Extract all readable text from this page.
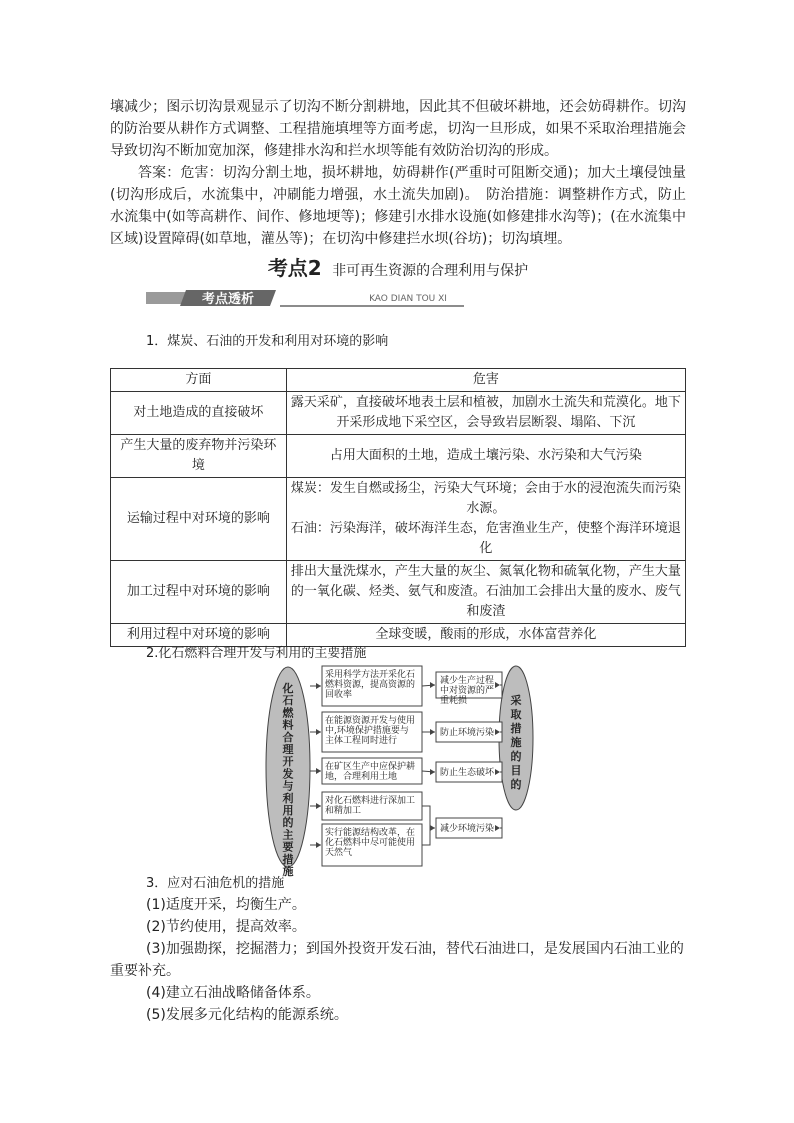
壤减少；图示切沟景观显示了切沟不断分割耕地，因此其不但破坏耕地，还会妨碍耕作。切沟的防治要从耕作方式调整、工程措施填埋等方面考虑，切沟一旦形成，如果不采取治理措施会导致切沟不断加宽加深，修建排水沟和拦水坝等能有效防治切沟的形成。

答案：危害：切沟分割土地，损坏耕地，妨碍耕作(严重时可阻断交通)；加大土壤侵蚀量(切沟形成后，水流集中，冲刷能力增强，水土流失加剧)。　防治措施：调整耕作方式，防止水流集中(如等高耕作、间作、修地埂等)；修建引水排水设施(如修建排水沟等)；(在水流集中区域)设置障碍(如草地，灌丛等)；在切沟中修建拦水坝(谷坊)；切沟填埋。

考点2 非可再生资源的合理利用与保护
考点透析	KAO DIAN TOU XI
1．煤炭、石油的开发和利用对环境的影响
方面	危害
对土地造成的直接破坏	露天采矿，直接破坏地表土层和植被，加剧水土流失和荒漠化。地下开采形成地下采空区，会导致岩层断裂、塌陷、下沉

产生大量的废弃物并污染环境	占用大面积的土地，造成土壤污染、水污染和大气污染

运输过程中对环境的影响	煤炭：发生自燃或扬尘，污染大气环境；会由于水的浸泡流失而污染水源。
石油：污染海洋，破坏海洋生态，危害渔业生产，使整个海洋环境退化

加工过程中对环境的影响	排出大量洗煤水，产生大量的灰尘、氮氧化物和硫氧化物，产生大量的一氧化碳、烃类、氨气和废渣。石油加工会排出大量的废水、废气和废渣

利用过程中对环境的影响	全球变暖，酸雨的形成，水体富营养化
2.化石燃料合理开发与利用的主要措施
化
石
燃
料
合
理
开
发
与
利
用
的
主
要
措
施
采
取
措
施
的
目
的
采用科学方法开采化石
燃料资源，提高资源的
回收率
在能源资源开发与使用
中,环境保护措施要与
主体工程同时进行
在矿区生产中应保护耕
地，合理利用土地
对化石燃料进行深加工
和精加工
实行能源结构改革，在
化石燃料中尽可能使用
天然气
减少生产过程
中对资源的严
重耗损
防止环境污染
防止生态破坏
减少环境污染
3．应对石油危机的措施
(1)适度开采，均衡生产。
(2)节约使用，提高效率。
(3)加强勘探，挖掘潜力；到国外投资开发石油，替代石油进口，是发展国内石油工业的重要补充。
(4)建立石油战略储备体系。
(5)发展多元化结构的能源系统。
